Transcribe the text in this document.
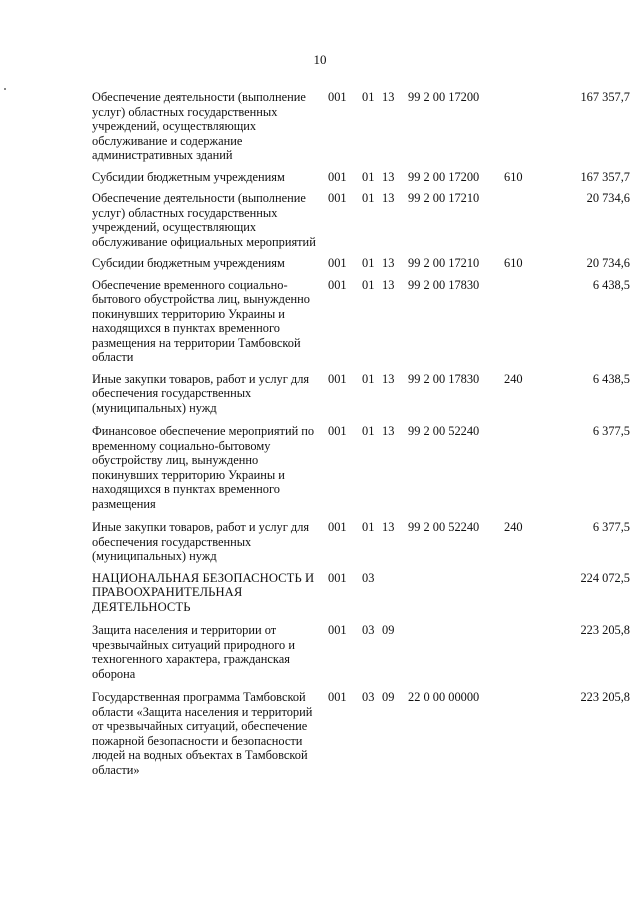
10
Обеспечение деятельности (выполнение услуг) областных государственных учреждений, осуществляющих обслуживание и содержание административных зданий	001	01	13	99 2 00 17200		167 357,7
Субсидии бюджетным учреждениям	001	01	13	99 2 00 17200	610	167 357,7
Обеспечение деятельности (выполнение услуг) областных государственных учреждений, осуществляющих обслуживание официальных мероприятий	001	01	13	99 2 00 17210		20 734,6
Субсидии бюджетным учреждениям	001	01	13	99 2 00 17210	610	20 734,6
Обеспечение временного социально-бытового обустройства лиц, вынужденно покинувших территорию Украины и находящихся в пунктах временного размещения на территории Тамбовской области	001	01	13	99 2 00 17830		6 438,5
Иные закупки товаров, работ и услуг для обеспечения государственных (муниципальных) нужд	001	01	13	99 2 00 17830	240	6 438,5
Финансовое обеспечение мероприятий по временному социально-бытовому обустройству лиц, вынужденно покинувших территорию Украины и находящихся в пунктах временного размещения	001	01	13	99 2 00 52240		6 377,5
Иные закупки товаров, работ и услуг для обеспечения государственных (муниципальных) нужд	001	01	13	99 2 00 52240	240	6 377,5
НАЦИОНАЛЬНАЯ БЕЗОПАСНОСТЬ И ПРАВООХРАНИТЕЛЬНАЯ ДЕЯТЕЛЬНОСТЬ	001	03				224 072,5
Защита населения и территории от чрезвычайных ситуаций природного и техногенного характера, гражданская оборона	001	03	09			223 205,8
Государственная программа Тамбовской области «Защита населения и территорий от чрезвычайных ситуаций, обеспечение пожарной безопасности и безопасности людей на водных объектах в Тамбовской области»	001	03	09	22 0 00 00000		223 205,8
